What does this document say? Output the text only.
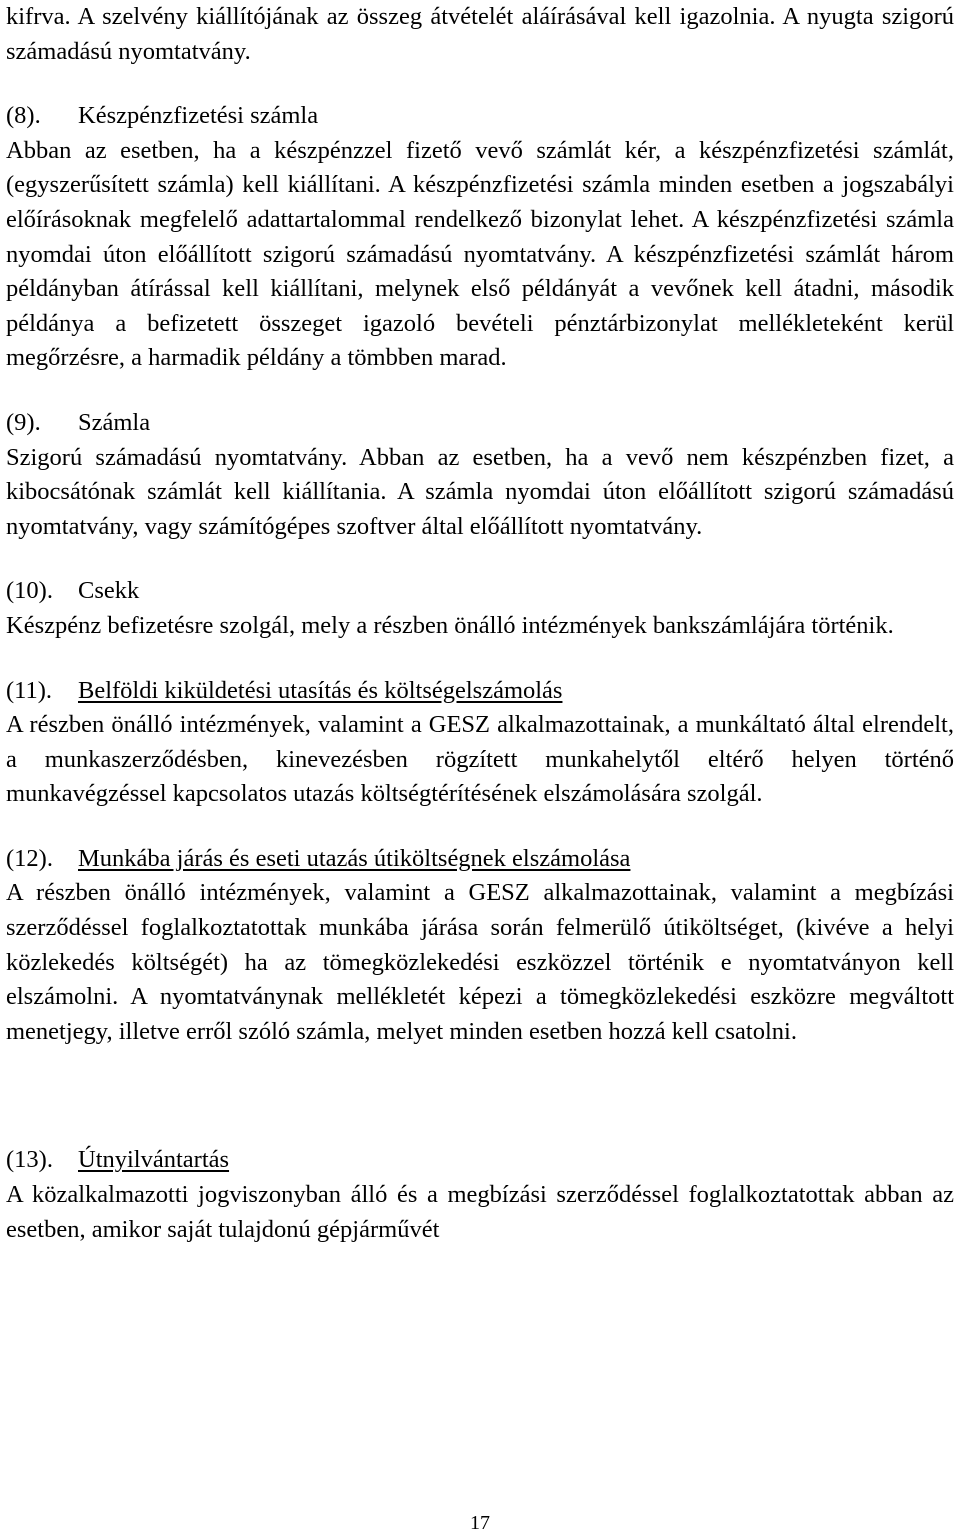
kifrva. A szelvény kiállítójának az összeg átvételét aláírásával kell igazolnia. A nyugta szigorú számadású nyomtatvány.

(8). Készpénzfizetési számla

Abban az esetben, ha a készpénzzel fizető vevő számlát kér, a készpénzfizetési számlát, (egyszerűsített számla) kell kiállítani. A készpénzfizetési számla minden esetben a jogszabályi előírásoknak megfelelő adattartalommal rendelkező bizonylat lehet. A készpénzfizetési számla nyomdai úton előállított szigorú számadású nyomtatvány. A készpénzfizetési számlát három példányban átírással kell kiállítani, melynek első példányát a vevőnek kell átadni, második példánya a befizetett összeget igazoló bevételi pénztárbizonylat mellékleteként kerül megőrzésre, a harmadik példány a tömbben marad.

(9). Számla

Szigorú számadású nyomtatvány. Abban az esetben, ha a vevő nem készpénzben fizet, a kibocsátónak számlát kell kiállítania. A számla nyomdai úton előállított szigorú számadású nyomtatvány, vagy számítógépes szoftver által előállított nyomtatvány.

(10). Csekk

Készpénz befizetésre szolgál, mely a részben önálló intézmények bankszámlájára történik.

(11). Belföldi kiküldetési utasítás és költségelszámolás

A részben önálló intézmények, valamint a GESZ alkalmazottainak, a munkáltató által elrendelt, a munkaszerződésben, kinevezésben rögzített munkahelytől eltérő helyen történő munkavégzéssel kapcsolatos utazás költségtérítésének elszámolására szolgál.

(12). Munkába járás és eseti utazás útiköltségnek elszámolása

A részben önálló intézmények, valamint a GESZ alkalmazottainak, valamint a megbízási szerződéssel foglalkoztatottak munkába járása során felmerülő útiköltséget, (kivéve a helyi közlekedés költségét) ha az tömegközlekedési eszközzel történik e nyomtatványon kell elszámolni. A nyomtatványnak mellékletét képezi a tömegközlekedési eszközre megváltott menetjegy, illetve erről szóló számla, melyet minden esetben hozzá kell csatolni.

(13). Útnyilvántartás

A közalkalmazotti jogviszonyban álló és a megbízási szerződéssel foglalkoztatottak abban az esetben, amikor saját tulajdonú gépjárművét

17
